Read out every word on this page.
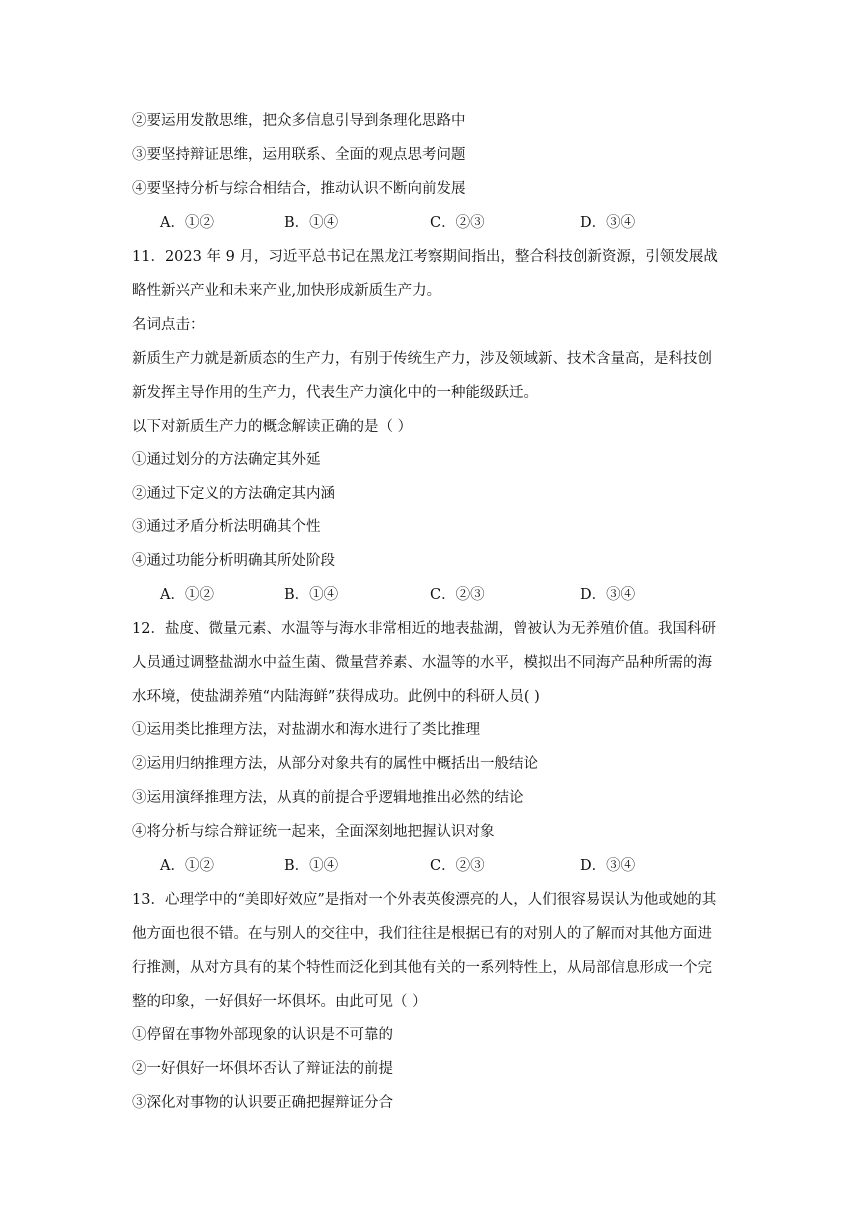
②要运用发散思维，把众多信息引导到条理化思路中
③要坚持辩证思维，运用联系、全面的观点思考问题
④要坚持分析与综合相结合，推动认识不断向前发展
A．①②	B．①④	C．②③	D．③④
11．2023 年 9 月，习近平总书记在黑龙江考察期间指出，整合科技创新资源，引领发展战
略性新兴产业和未来产业,加快形成新质生产力。
名词点击：
新质生产力就是新质态的生产力，有别于传统生产力，涉及领域新、技术含量高，是科技创
新发挥主导作用的生产力，代表生产力演化中的一种能级跃迁。
以下对新质生产力的概念解读正确的是（ ）
①通过划分的方法确定其外延
②通过下定义的方法确定其内涵
③通过矛盾分析法明确其个性
④通过功能分析明确其所处阶段
A．①②	B．①④	C．②③	D．③④
12．盐度、微量元素、水温等与海水非常相近的地表盐湖，曾被认为无养殖价值。我国科研
人员通过调整盐湖水中益生菌、微量营养素、水温等的水平，模拟出不同海产品种所需的海
水环境，使盐湖养殖“内陆海鲜”获得成功。此例中的科研人员( )
①运用类比推理方法，对盐湖水和海水进行了类比推理
②运用归纳推理方法，从部分对象共有的属性中概括出一般结论
③运用演绎推理方法，从真的前提合乎逻辑地推出必然的结论
④将分析与综合辩证统一起来，全面深刻地把握认识对象
A．①②	B．①④	C．②③	D．③④
13．心理学中的“美即好效应”是指对一个外表英俊漂亮的人，人们很容易误认为他或她的其
他方面也很不错。在与别人的交往中，我们往往是根据已有的对别人的了解而对其他方面进
行推测，从对方具有的某个特性而泛化到其他有关的一系列特性上，从局部信息形成一个完
整的印象，一好俱好一坏俱坏。由此可见（ ）
①停留在事物外部现象的认识是不可靠的
②一好俱好一坏俱坏否认了辩证法的前提
③深化对事物的认识要正确把握辩证分合
